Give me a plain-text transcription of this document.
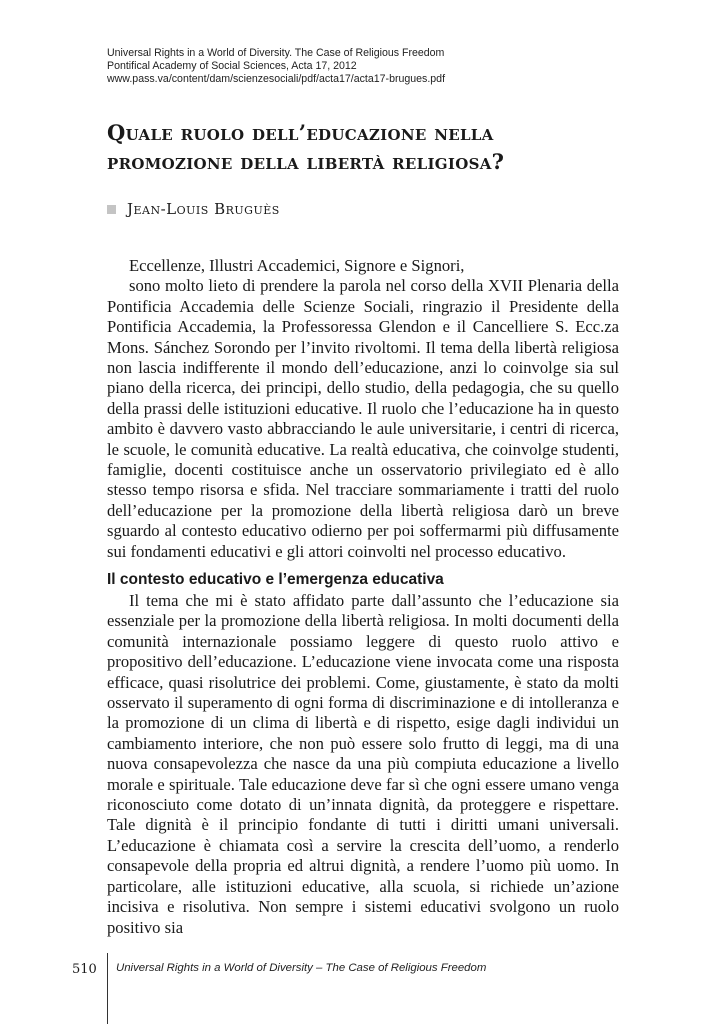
Universal Rights in a World of Diversity. The Case of Religious Freedom
Pontifical Academy of Social Sciences, Acta 17, 2012
www.pass.va/content/dam/scienzesociali/pdf/acta17/acta17-brugues.pdf
Quale ruolo dell’educazione nella
promozione della libertà religiosa?
Jean-Louis Bruguès

Eccellenze, Illustri Accademici, Signore e Signori,

sono molto lieto di prendere la parola nel corso della XVII Plenaria della Pontificia Accademia delle Scienze Sociali, ringrazio il Presidente della Pontificia Accademia, la Professoressa Glendon e il Cancelliere S. Ecc.za Mons. Sánchez Sorondo per l’invito rivoltomi. Il tema della libertà religiosa non lascia indifferente il mondo dell’educazione, anzi lo coinvolge sia sul piano della ricerca, dei principi, dello studio, della pedagogia, che su quello della prassi delle istituzioni educative. Il ruolo che l’educazione ha in questo ambito è davvero vasto abbracciando le aule universitarie, i centri di ricerca, le scuole, le comunità educative. La realtà educativa, che coinvolge studenti, famiglie, docenti costituisce anche un osservatorio privilegiato ed è allo stesso tempo risorsa e sfida. Nel tracciare sommariamente i tratti del ruolo dell’educazione per la promozione della libertà religiosa darò un breve sguardo al contesto educativo odierno per poi soffermarmi più diffusamente sui fondamenti educativi e gli attori coinvolti nel processo educativo.

Il contesto educativo e l’emergenza educativa

Il tema che mi è stato affidato parte dall’assunto che l’educazione sia essenziale per la promozione della libertà religiosa. In molti documenti della comunità internazionale possiamo leggere di questo ruolo attivo e propositivo dell’educazione. L’educazione viene invocata come una risposta efficace, quasi risolutrice dei problemi. Come, giustamente, è stato da molti osservato il superamento di ogni forma di discriminazione e di intolleranza e la promozione di un clima di libertà e di rispetto, esige dagli individui un cambiamento interiore, che non può essere solo frutto di leggi, ma di una nuova consapevolezza che nasce da una più compiuta educazione a livello morale e spirituale. Tale educazione deve far sì che ogni essere umano venga riconosciuto come dotato di un’innata dignità, da proteggere e rispettare. Tale dignità è il principio fondante di tutti i diritti umani universali. L’educazione è chiamata così a servire la crescita dell’uomo, a renderlo consapevole della propria ed altrui dignità, a rendere l’uomo più uomo. In particolare, alle istituzioni educative, alla scuola, si richiede un’azione incisiva e risolutiva. Non sempre i sistemi educativi svolgono un ruolo positivo sia

510 Universal Rights in a World of Diversity – The Case of Religious Freedom
